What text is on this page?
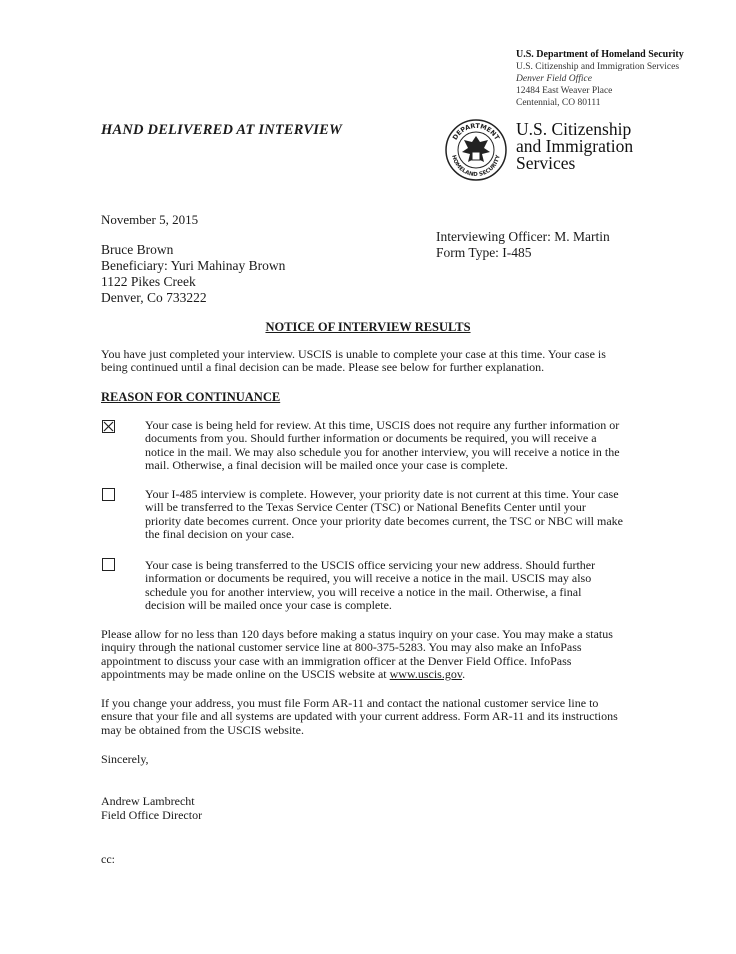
U.S. Department of Homeland Security
U.S. Citizenship and Immigration Services
Denver Field Office
12484 East Weaver Place
Centennial, CO 80111
HAND DELIVERED AT INTERVIEW	DEPARTMENT
HOMELAND SECURITY
U.S. Citizenship
and Immigration
Services
November 5, 2015
Interviewing Officer: M. Martin
Form Type: I-485
Bruce Brown
Beneficiary: Yuri Mahinay Brown
1122 Pikes Creek
Denver, Co 733222
NOTICE OF INTERVIEW RESULTS
You have just completed your interview. USCIS is unable to complete your case at this time. Your case is being continued until a final decision can be made. Please see below for further explanation.
REASON FOR CONTINUANCE
Your case is being held for review. At this time, USCIS does not require any further information or documents from you. Should further information or documents be required, you will receive a notice in the mail. We may also schedule you for another interview, you will receive a notice in the mail. Otherwise, a final decision will be mailed once your case is complete.
Your I-485 interview is complete. However, your priority date is not current at this time. Your case will be transferred to the Texas Service Center (TSC) or National Benefits Center until your priority date becomes current. Once your priority date becomes current, the TSC or NBC will make the final decision on your case.
Your case is being transferred to the USCIS office servicing your new address. Should further information or documents be required, you will receive a notice in the mail. USCIS may also schedule you for another interview, you will receive a notice in the mail. Otherwise, a final decision will be mailed once your case is complete.
Please allow for no less than 120 days before making a status inquiry on your case. You may make a status inquiry through the national customer service line at 800-375-5283. You may also make an InfoPass appointment to discuss your case with an immigration officer at the Denver Field Office. InfoPass appointments may be made online on the USCIS website at www.uscis.gov.
If you change your address, you must file Form AR-11 and contact the national customer service line to ensure that your file and all systems are updated with your current address. Form AR-11 and its instructions may be obtained from the USCIS website.
Sincerely,
Andrew Lambrecht
Field Office Director
cc:
